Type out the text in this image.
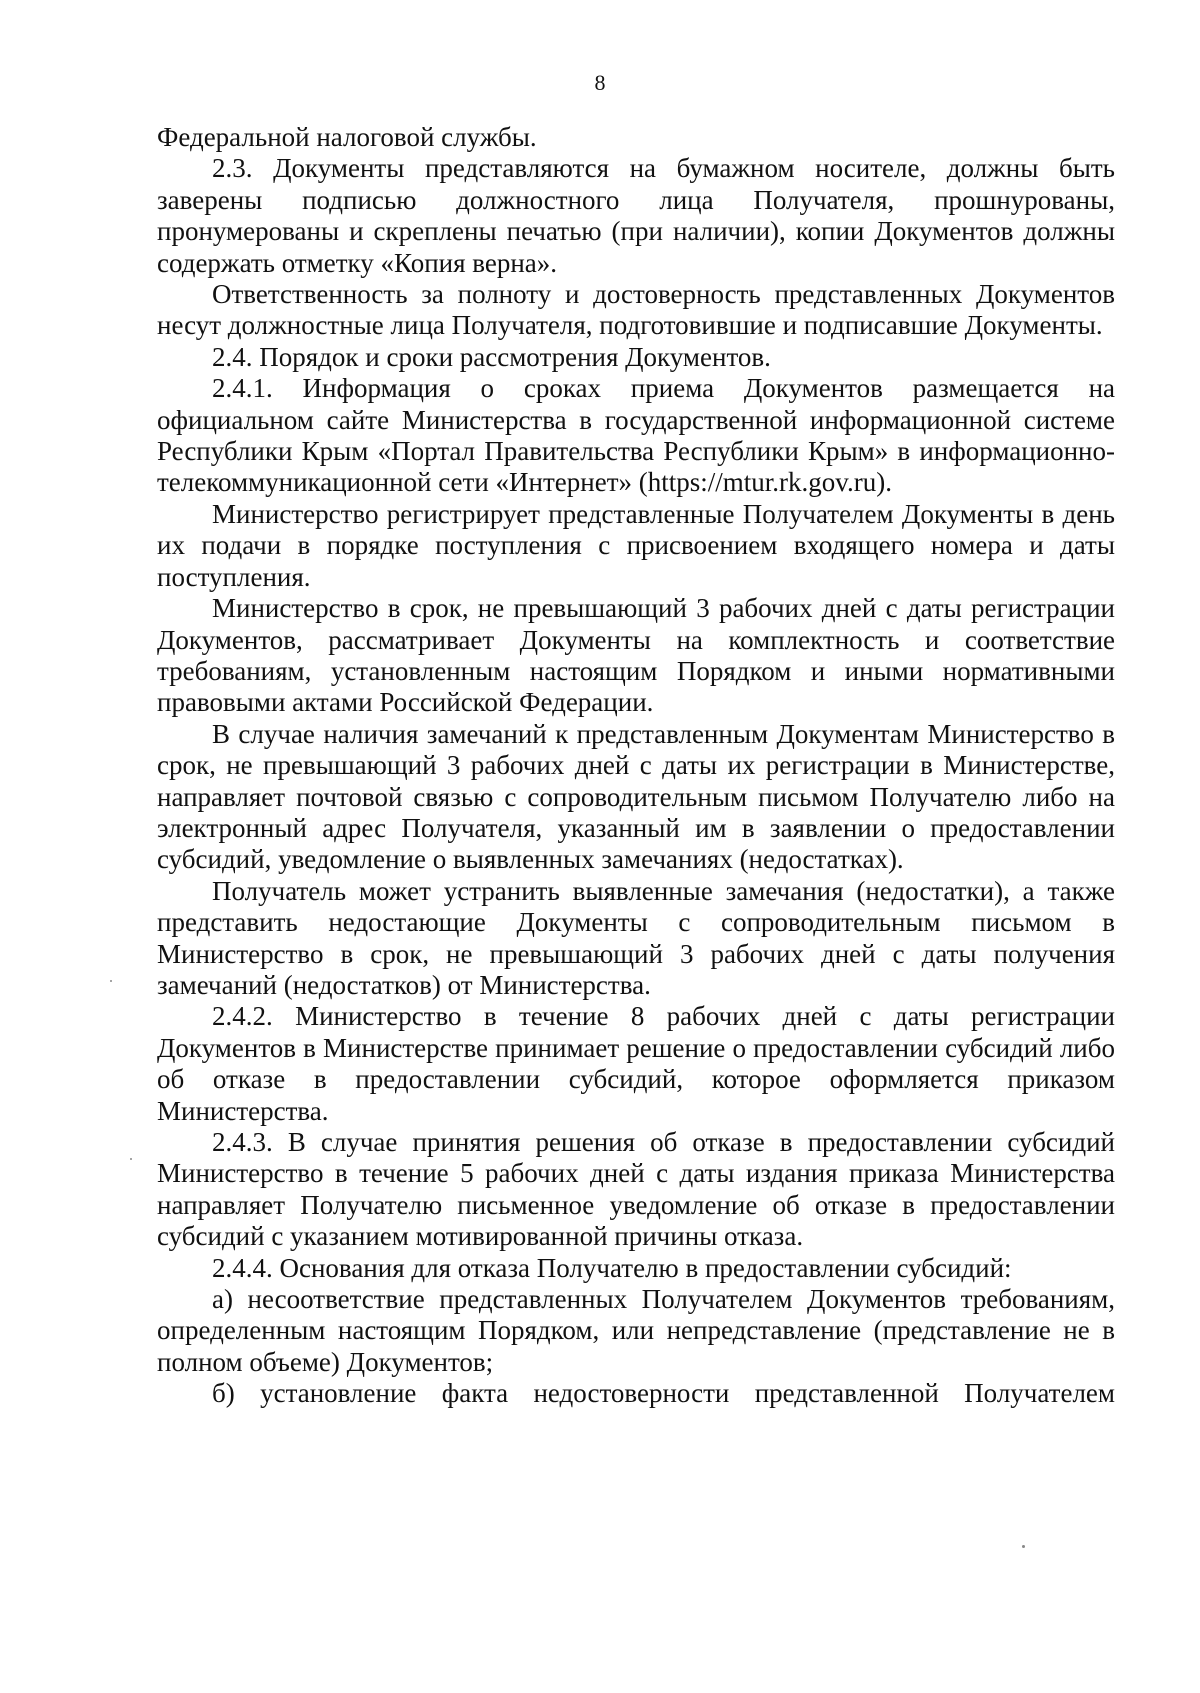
8

Федеральной налоговой службы.

2.3. Документы представляются на бумажном носителе, должны быть заверены подписью должностного лица Получателя, прошнурованы, пронумерованы и скреплены печатью (при наличии), копии Документов должны содержать отметку «Копия верна».

Ответственность за полноту и достоверность представленных Документов несут должностные лица Получателя, подготовившие и подписавшие Документы.

2.4. Порядок и сроки рассмотрения Документов.

2.4.1. Информация о сроках приема Документов размещается на официальном сайте Министерства в государственной информационной системе Республики Крым «Портал Правительства Республики Крым» в информационно-телекоммуникационной сети «Интернет» (https://mtur.rk.gov.ru).

Министерство регистрирует представленные Получателем Документы в день их подачи в порядке поступления с присвоением входящего номера и даты поступления.

Министерство в срок, не превышающий 3 рабочих дней с даты регистрации Документов, рассматривает Документы на комплектность и соответствие требованиям, установленным настоящим Порядком и иными нормативными правовыми актами Российской Федерации.

В случае наличия замечаний к представленным Документам Министерство в срок, не превышающий 3 рабочих дней с даты их регистрации в Министерстве, направляет почтовой связью с сопроводительным письмом Получателю либо на электронный адрес Получателя, указанный им в заявлении о предоставлении субсидий, уведомление о выявленных замечаниях (недостатках).

Получатель может устранить выявленные замечания (недостатки), а также представить недостающие Документы с сопроводительным письмом в Министерство в срок, не превышающий 3 рабочих дней с даты получения замечаний (недостатков) от Министерства.

2.4.2. Министерство в течение 8 рабочих дней с даты регистрации Документов в Министерстве принимает решение о предоставлении субсидий либо об отказе в предоставлении субсидий, которое оформляется приказом Министерства.

2.4.3. В случае принятия решения об отказе в предоставлении субсидий Министерство в течение 5 рабочих дней с даты издания приказа Министерства направляет Получателю письменное уведомление об отказе в предоставлении субсидий с указанием мотивированной причины отказа.

2.4.4. Основания для отказа Получателю в предоставлении субсидий:

а) несоответствие представленных Получателем Документов требованиям, определенным настоящим Порядком, или непредставление (представление не в полном объеме) Документов;

б) установление факта недостоверности представленной Получателем
